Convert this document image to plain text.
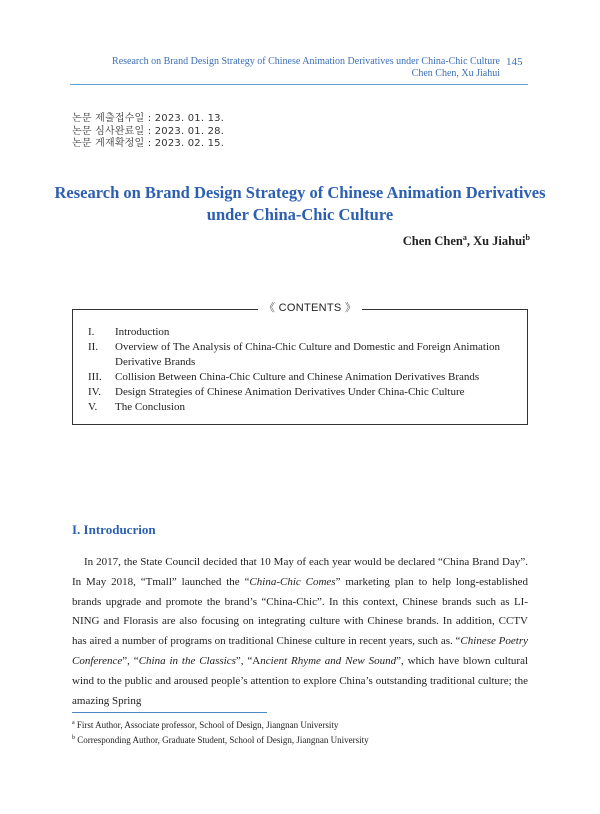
Research on Brand Design Strategy of Chinese Animation Derivatives under China-Chic Culture
Chen Chen, Xu Jiahui
145
논문 제출접수일 : 2023. 01. 13.
논문 심사완료일 : 2023. 01. 28.
논문 게재확정일 : 2023. 02. 15.
Research on Brand Design Strategy of Chinese Animation Derivatives
under China-Chic Culture
Chen Chen$^a$, Xu Jiahui$^b$
《 CONTENTS 》
I.	Introduction
II.	Overview of The Analysis of China-Chic Culture and Domestic and Foreign Animation Derivative Brands
III.	Collision Between China-Chic Culture and Chinese Animation Derivatives Brands
IV.	Design Strategies of Chinese Animation Derivatives Under China-Chic Culture
V.	The Conclusion
I. Introducrion
In 2017, the State Council decided that 10 May of each year would be declared “China Brand Day”. In May 2018, “Tmall” launched the “China-Chic Comes” marketing plan to help long-established brands upgrade and promote the brand’s “China-Chic”. In this context, Chinese brands such as LI-NING and Florasis are also focusing on integrating culture with Chinese brands. In addition, CCTV has aired a number of programs on traditional Chinese culture in recent years, such as. “Chinese Poetry Conference”, “China in the Classics”, “Ancient Rhyme and New Sound”, which have blown cultural wind to the public and aroused people’s attention to explore China’s outstanding traditional culture; the amazing Spring
$^a$ First Author, Associate professor, School of Design, Jiangnan University
$^b$ Corresponding Author, Graduate Student, School of Design, Jiangnan University
